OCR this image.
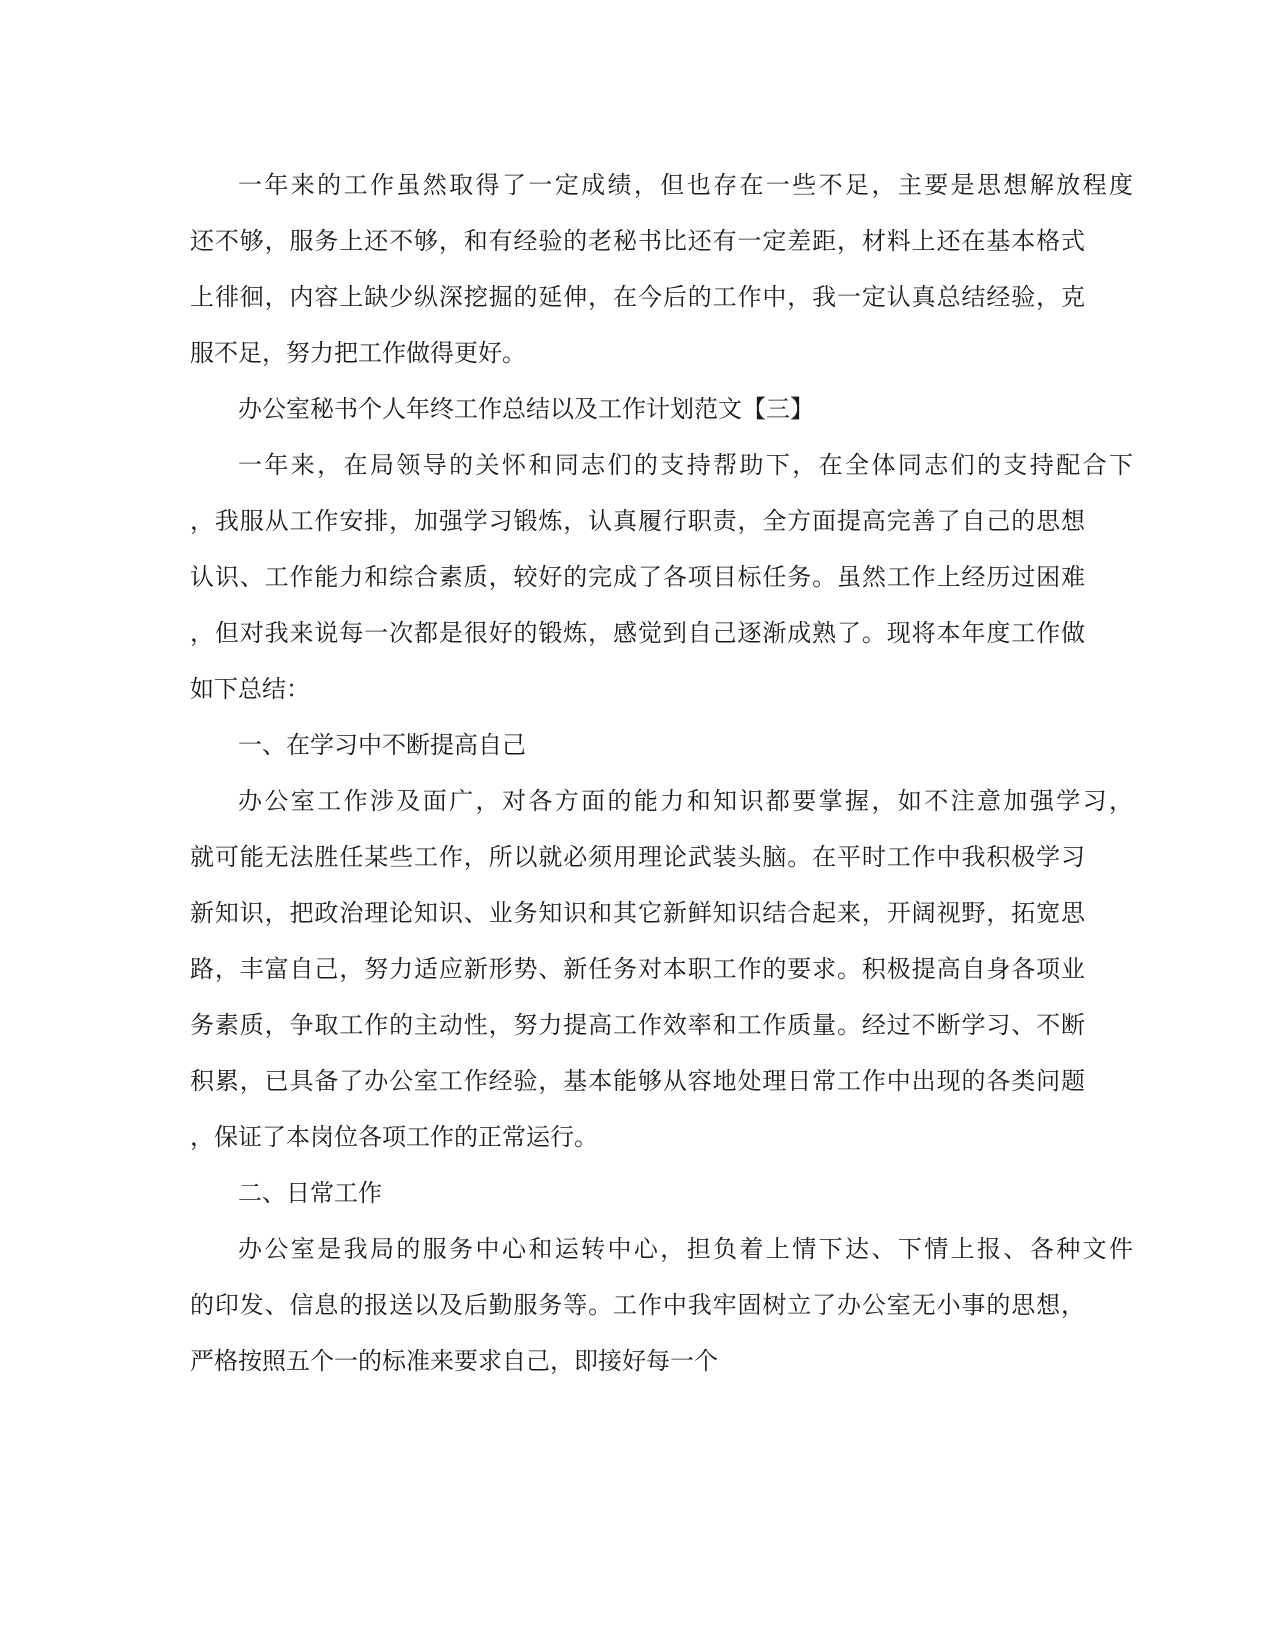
一年来的工作虽然取得了一定成绩，但也存在一些不足，主要是思想解放程度
还不够，服务上还不够，和有经验的老秘书比还有一定差距，材料上还在基本格式
上徘徊，内容上缺少纵深挖掘的延伸，在今后的工作中，我一定认真总结经验，克
服不足，努力把工作做得更好。
办公室秘书个人年终工作总结以及工作计划范文【三】
一年来，在局领导的关怀和同志们的支持帮助下，在全体同志们的支持配合下
，我服从工作安排，加强学习锻炼，认真履行职责，全方面提高完善了自己的思想
认识、工作能力和综合素质，较好的完成了各项目标任务。虽然工作上经历过困难
，但对我来说每一次都是很好的锻炼，感觉到自己逐渐成熟了。现将本年度工作做
如下总结：
一、在学习中不断提高自己
办公室工作涉及面广，对各方面的能力和知识都要掌握，如不注意加强学习，
就可能无法胜任某些工作，所以就必须用理论武装头脑。在平时工作中我积极学习
新知识，把政治理论知识、业务知识和其它新鲜知识结合起来，开阔视野，拓宽思
路，丰富自己，努力适应新形势、新任务对本职工作的要求。积极提高自身各项业
务素质，争取工作的主动性，努力提高工作效率和工作质量。经过不断学习、不断
积累，已具备了办公室工作经验，基本能够从容地处理日常工作中出现的各类问题
，保证了本岗位各项工作的正常运行。
二、日常工作
办公室是我局的服务中心和运转中心，担负着上情下达、下情上报、各种文件
的印发、信息的报送以及后勤服务等。工作中我牢固树立了办公室无小事的思想，
严格按照五个一的标准来要求自己，即接好每一个
